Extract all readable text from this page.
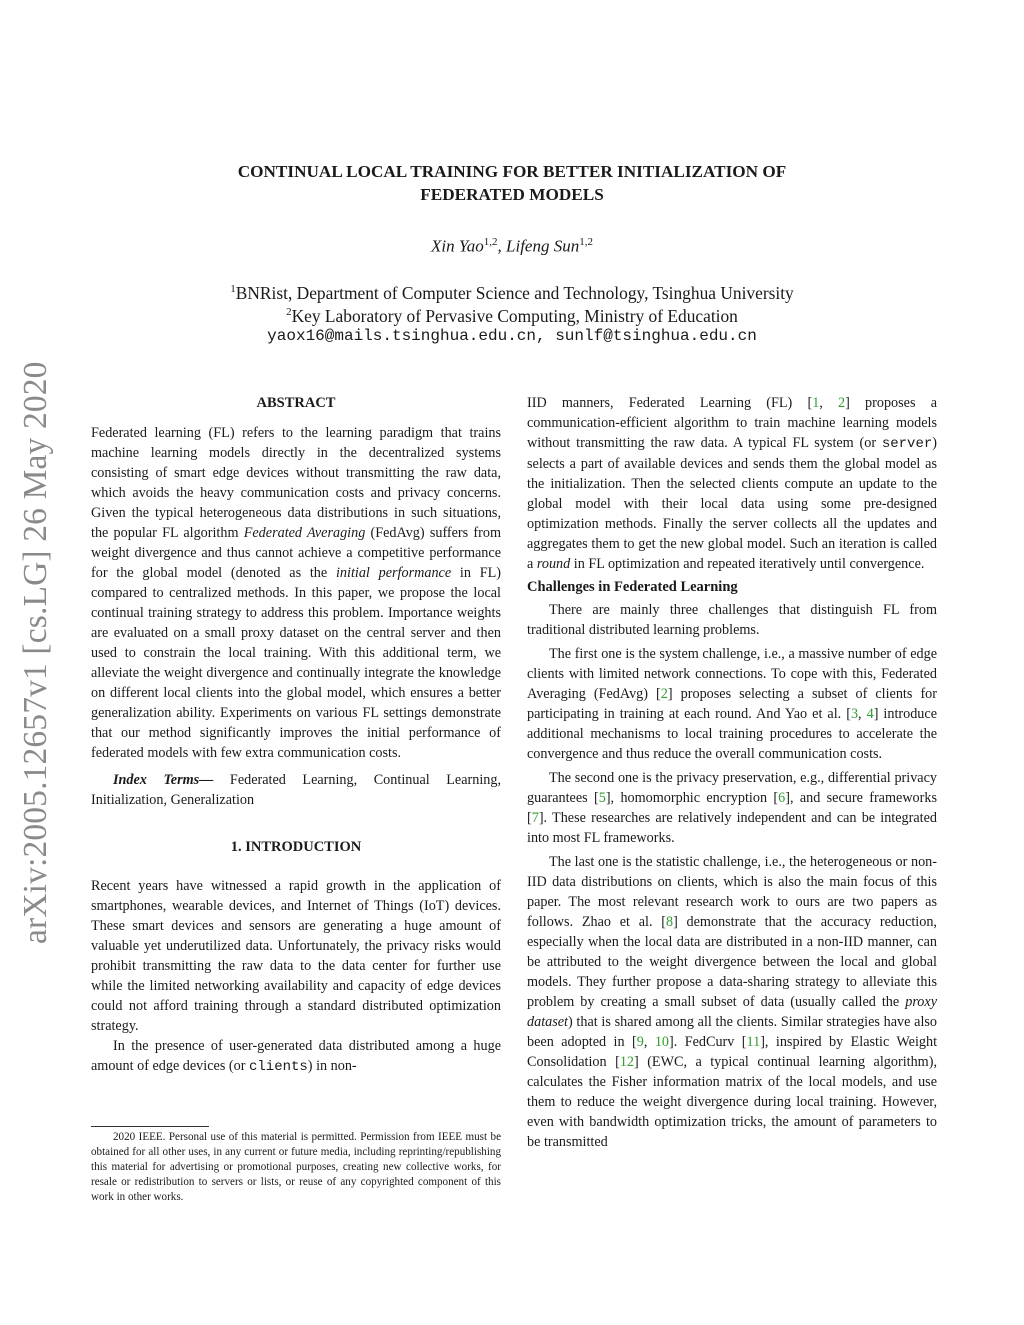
arXiv:2005.12657v1 [cs.LG] 26 May 2020
CONTINUAL LOCAL TRAINING FOR BETTER INITIALIZATION OF
FEDERATED MODELS
Xin Yao$^{1,2}$, Lifeng Sun$^{1,2}$
$^1$BNRist, Department of Computer Science and Technology, Tsinghua University
$^2$Key Laboratory of Pervasive Computing, Ministry of Education
yaox16@mails.tsinghua.edu.cn, sunlf@tsinghua.edu.cn

ABSTRACT

Federated learning (FL) refers to the learning paradigm that trains machine learning models directly in the decentralized systems consisting of smart edge devices without transmitting the raw data, which avoids the heavy communication costs and privacy concerns. Given the typical heterogeneous data distributions in such situations, the popular FL algorithm Federated Averaging (FedAvg) suffers from weight divergence and thus cannot achieve a competitive performance for the global model (denoted as the initial performance in FL) compared to centralized methods. In this paper, we propose the local continual training strategy to address this problem. Importance weights are evaluated on a small proxy dataset on the central server and then used to constrain the local training. With this additional term, we alleviate the weight divergence and continually integrate the knowledge on different local clients into the global model, which ensures a better generalization ability. Experiments on various FL settings demonstrate that our method significantly improves the initial performance of federated models with few extra communication costs.

Index Terms— Federated Learning, Continual Learning, Initialization, Generalization

1. INTRODUCTION

Recent years have witnessed a rapid growth in the application of smartphones, wearable devices, and Internet of Things (IoT) devices. These smart devices and sensors are generating a huge amount of valuable yet underutilized data. Unfortunately, the privacy risks would prohibit transmitting the raw data to the data center for further use while the limited networking availability and capacity of edge devices could not afford training through a standard distributed optimization strategy.

In the presence of user-generated data distributed among a huge amount of edge devices (or clients) in non-

2020 IEEE. Personal use of this material is permitted. Permission from IEEE must be obtained for all other uses, in any current or future media, including reprinting/republishing this material for advertising or promotional purposes, creating new collective works, for resale or redistribution to servers or lists, or reuse of any copyrighted component of this work in other works.

IID manners, Federated Learning (FL) [1, 2] proposes a communication-efficient algorithm to train machine learning models without transmitting the raw data. A typical FL system (or server) selects a part of available devices and sends them the global model as the initialization. Then the selected clients compute an update to the global model with their local data using some pre-designed optimization methods. Finally the server collects all the updates and aggregates them to get the new global model. Such an iteration is called a round in FL optimization and repeated iteratively until convergence.

Challenges in Federated Learning

There are mainly three challenges that distinguish FL from traditional distributed learning problems.

The first one is the system challenge, i.e., a massive number of edge clients with limited network connections. To cope with this, Federated Averaging (FedAvg) [2] proposes selecting a subset of clients for participating in training at each round. And Yao et al. [3, 4] introduce additional mechanisms to local training procedures to accelerate the convergence and thus reduce the overall communication costs.

The second one is the privacy preservation, e.g., differential privacy guarantees [5], homomorphic encryption [6], and secure frameworks [7]. These researches are relatively independent and can be integrated into most FL frameworks.

The last one is the statistic challenge, i.e., the heterogeneous or non-IID data distributions on clients, which is also the main focus of this paper. The most relevant research work to ours are two papers as follows. Zhao et al. [8] demonstrate that the accuracy reduction, especially when the local data are distributed in a non-IID manner, can be attributed to the weight divergence between the local and global models. They further propose a data-sharing strategy to alleviate this problem by creating a small subset of data (usually called the proxy dataset) that is shared among all the clients. Similar strategies have also been adopted in [9, 10]. FedCurv [11], inspired by Elastic Weight Consolidation [12] (EWC, a typical continual learning algorithm), calculates the Fisher information matrix of the local models, and use them to reduce the weight divergence during local training. However, even with bandwidth optimization tricks, the amount of parameters to be transmitted
